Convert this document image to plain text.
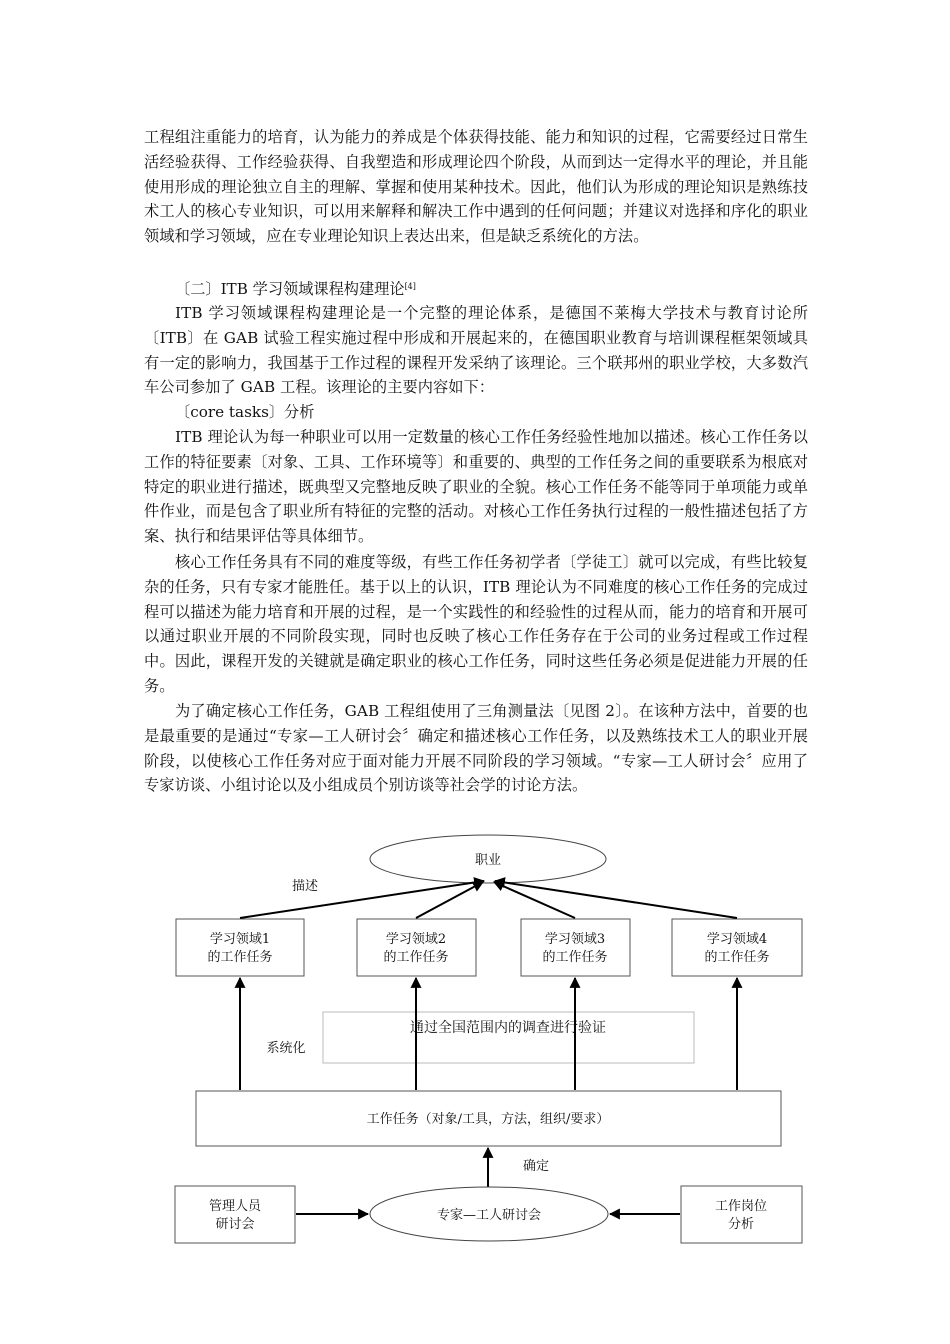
工程组注重能力的培育，认为能力的养成是个体获得技能、能力和知识的过程，它需要经过日常生活经验获得、工作经验获得、自我塑造和形成理论四个阶段，从而到达一定得水平的理论，并且能使用形成的理论独立自主的理解、掌握和使用某种技术。因此，他们认为形成的理论知识是熟练技术工人的核心专业知识，可以用来解释和解决工作中遇到的任何问题；并建议对选择和序化的职业领域和学习领域，应在专业理论知识上表达出来，但是缺乏系统化的方法。

〔二〕ITB 学习领域课程构建理论[4]

ITB 学习领域课程构建理论是一个完整的理论体系，是德国不莱梅大学技术与教育讨论所〔ITB〕在 GAB 试验工程实施过程中形成和开展起来的，在德国职业教育与培训课程框架领域具有一定的影响力，我国基于工作过程的课程开发采纳了该理论。三个联邦州的职业学校，大多数汽车公司参加了 GAB 工程。该理论的主要内容如下：

〔core tasks〕分析

ITB 理论认为每一种职业可以用一定数量的核心工作任务经验性地加以描述。核心工作任务以工作的特征要素〔对象、工具、工作环境等〕和重要的、典型的工作任务之间的重要联系为根底对特定的职业进行描述，既典型又完整地反映了职业的全貌。核心工作任务不能等同于单项能力或单件作业，而是包含了职业所有特征的完整的活动。对核心工作任务执行过程的一般性描述包括了方案、执行和结果评估等具体细节。

核心工作任务具有不同的难度等级，有些工作任务初学者〔学徒工〕就可以完成，有些比较复杂的任务，只有专家才能胜任。基于以上的认识，ITB 理论认为不同难度的核心工作任务的完成过程可以描述为能力培育和开展的过程，是一个实践性的和经验性的过程从而，能力的培育和开展可以通过职业开展的不同阶段实现，同时也反映了核心工作任务存在于公司的业务过程或工作过程中。因此，课程开发的关键就是确定职业的核心工作任务，同时这些任务必须是促进能力开展的任务。

为了确定核心工作任务，GAB 工程组使用了三角测量法〔见图 2〕。在该种方法中，首要的也是最重要的是通过“专家—工人研讨会〞确定和描述核心工作任务，以及熟练技术工人的职业开展阶段，以使核心工作任务对应于面对能力开展不同阶段的学习领域。“专家—工人研讨会〞应用了专家访谈、小组讨论以及小组成员个别访谈等社会学的讨论方法。

职业
描述
学习领域1
的工作任务
学习领域2
的工作任务
学习领域3
的工作任务
学习领域4
的工作任务
通过全国范围内的调查进行验证
系统化
工作任务（对象/工具，方法，组织/要求）
确定
管理人员
研讨会
专家—工人研讨会
工作岗位
分析
